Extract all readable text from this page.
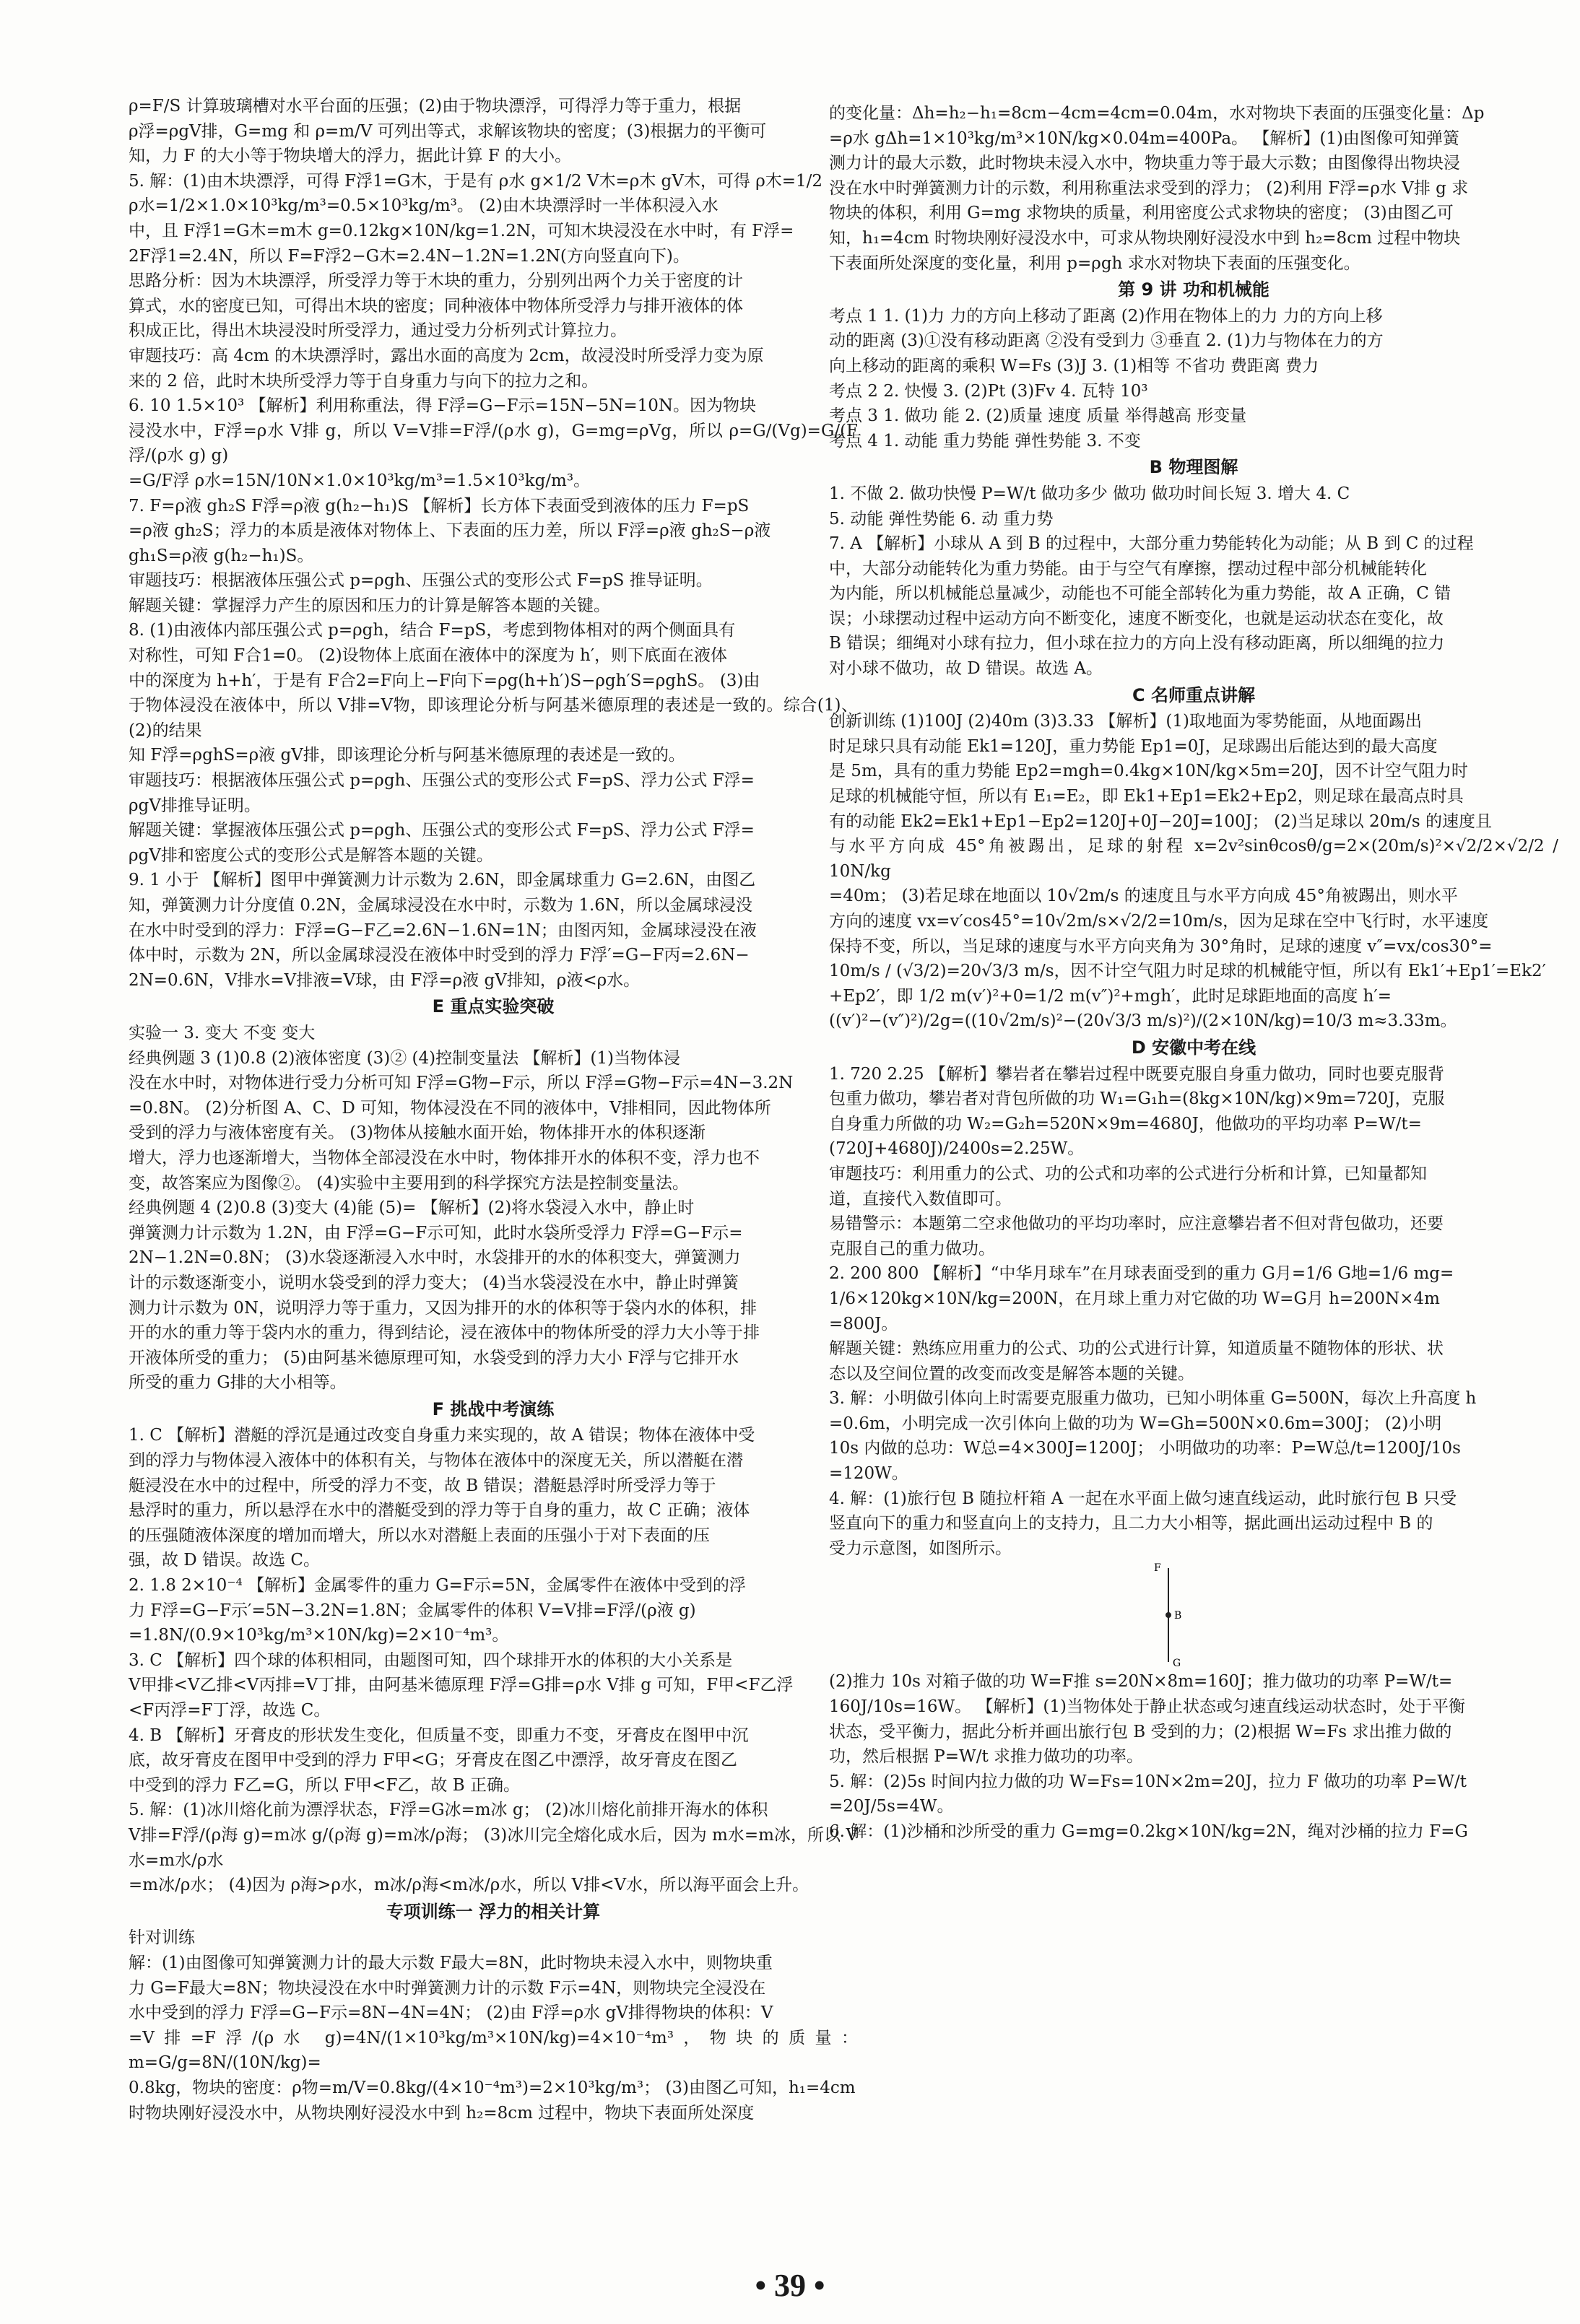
ρ=F/S 计算玻璃槽对水平台面的压强；(2)由于物块漂浮，可得浮力等于重力，根据

ρ浮=ρgV排，G=mg 和 ρ=m/V 可列出等式，求解该物块的密度；(3)根据力的平衡可

知，力 F 的大小等于物块增大的浮力，据此计算 F 的大小。

5. 解：(1)由木块漂浮，可得 F浮1=G木，于是有 ρ水 g×1/2 V木=ρ木 gV木，可得 ρ木=1/2

ρ水=1/2×1.0×10³kg/m³=0.5×10³kg/m³。 (2)由木块漂浮时一半体积浸入水

中，且 F浮1=G木=m木 g=0.12kg×10N/kg=1.2N，可知木块浸没在水中时，有 F浮=

2F浮1=2.4N，所以 F=F浮2−G木=2.4N−1.2N=1.2N(方向竖直向下)。

思路分析：因为木块漂浮，所受浮力等于木块的重力，分别列出两个力关于密度的计

算式，水的密度已知，可得出木块的密度；同种液体中物体所受浮力与排开液体的体

积成正比，得出木块浸没时所受浮力，通过受力分析列式计算拉力。

审题技巧：高 4cm 的木块漂浮时，露出水面的高度为 2cm，故浸没时所受浮力变为原

来的 2 倍，此时木块所受浮力等于自身重力与向下的拉力之和。

6. 10 1.5×10³ 【解析】利用称重法，得 F浮=G−F示=15N−5N=10N。因为物块

浸没水中，F浮=ρ水 V排 g，所以 V=V排=F浮/(ρ水 g)，G=mg=ρVg，所以 ρ=G/(Vg)=G/(F浮/(ρ水 g) g)

=G/F浮 ρ水=15N/10N×1.0×10³kg/m³=1.5×10³kg/m³。

7. F=ρ液 gh₂S F浮=ρ液 g(h₂−h₁)S 【解析】长方体下表面受到液体的压力 F=pS

=ρ液 gh₂S；浮力的本质是液体对物体上、下表面的压力差，所以 F浮=ρ液 gh₂S−ρ液

gh₁S=ρ液 g(h₂−h₁)S。

审题技巧：根据液体压强公式 p=ρgh、压强公式的变形公式 F=pS 推导证明。

解题关键：掌握浮力产生的原因和压力的计算是解答本题的关键。

8. (1)由液体内部压强公式 p=ρgh，结合 F=pS，考虑到物体相对的两个侧面具有

对称性，可知 F合1=0。 (2)设物体上底面在液体中的深度为 h′，则下底面在液体

中的深度为 h+h′，于是有 F合2=F向上−F向下=ρg(h+h′)S−ρgh′S=ρghS。 (3)由

于物体浸没在液体中，所以 V排=V物，即该理论分析与阿基米德原理的表述是一致的。综合(1)、(2)的结果

知 F浮=ρghS=ρ液 gV排，即该理论分析与阿基米德原理的表述是一致的。

审题技巧：根据液体压强公式 p=ρgh、压强公式的变形公式 F=pS、浮力公式 F浮=

ρgV排推导证明。

解题关键：掌握液体压强公式 p=ρgh、压强公式的变形公式 F=pS、浮力公式 F浮=

ρgV排和密度公式的变形公式是解答本题的关键。

9. 1 小于 【解析】图甲中弹簧测力计示数为 2.6N，即金属球重力 G=2.6N，由图乙

知，弹簧测力计分度值 0.2N，金属球浸没在水中时，示数为 1.6N，所以金属球浸没

在水中时受到的浮力：F浮=G−F乙=2.6N−1.6N=1N；由图丙知，金属球浸没在液

体中时，示数为 2N，所以金属球浸没在液体中时受到的浮力 F浮′=G−F丙=2.6N−

2N=0.6N，V排水=V排液=V球，由 F浮=ρ液 gV排知，ρ液<ρ水。

E 重点实验突破

实验一 3. 变大 不变 变大

经典例题 3 (1)0.8 (2)液体密度 (3)② (4)控制变量法 【解析】(1)当物体浸

没在水中时，对物体进行受力分析可知 F浮=G物−F示，所以 F浮=G物−F示=4N−3.2N

=0.8N。 (2)分析图 A、C、D 可知，物体浸没在不同的液体中，V排相同，因此物体所

受到的浮力与液体密度有关。 (3)物体从接触水面开始，物体排开水的体积逐渐

增大，浮力也逐渐增大，当物体全部浸没在水中时，物体排开水的体积不变，浮力也不

变，故答案应为图像②。 (4)实验中主要用到的科学探究方法是控制变量法。

经典例题 4 (2)0.8 (3)变大 (4)能 (5)= 【解析】(2)将水袋浸入水中，静止时

弹簧测力计示数为 1.2N，由 F浮=G−F示可知，此时水袋所受浮力 F浮=G−F示=

2N−1.2N=0.8N； (3)水袋逐渐浸入水中时，水袋排开的水的体积变大，弹簧测力

计的示数逐渐变小，说明水袋受到的浮力变大； (4)当水袋浸没在水中，静止时弹簧

测力计示数为 0N，说明浮力等于重力，又因为排开的水的体积等于袋内水的体积，排

开的水的重力等于袋内水的重力，得到结论，浸在液体中的物体所受的浮力大小等于排

开液体所受的重力； (5)由阿基米德原理可知，水袋受到的浮力大小 F浮与它排开水

所受的重力 G排的大小相等。

F 挑战中考演练

1. C 【解析】潜艇的浮沉是通过改变自身重力来实现的，故 A 错误；物体在液体中受

到的浮力与物体浸入液体中的体积有关，与物体在液体中的深度无关，所以潜艇在潜

艇浸没在水中的过程中，所受的浮力不变，故 B 错误；潜艇悬浮时所受浮力等于

悬浮时的重力，所以悬浮在水中的潜艇受到的浮力等于自身的重力，故 C 正确；液体

的压强随液体深度的增加而增大，所以水对潜艇上表面的压强小于对下表面的压

强，故 D 错误。故选 C。

2. 1.8 2×10⁻⁴ 【解析】金属零件的重力 G=F示=5N，金属零件在液体中受到的浮

力 F浮=G−F示′=5N−3.2N=1.8N；金属零件的体积 V=V排=F浮/(ρ液 g)

=1.8N/(0.9×10³kg/m³×10N/kg)=2×10⁻⁴m³。

3. C 【解析】四个球的体积相同，由题图可知，四个球排开水的体积的大小关系是

V甲排<V乙排<V丙排=V丁排，由阿基米德原理 F浮=G排=ρ水 V排 g 可知，F甲<F乙浮

<F丙浮=F丁浮，故选 C。

4. B 【解析】牙膏皮的形状发生变化，但质量不变，即重力不变，牙膏皮在图甲中沉

底，故牙膏皮在图甲中受到的浮力 F甲<G；牙膏皮在图乙中漂浮，故牙膏皮在图乙

中受到的浮力 F乙=G，所以 F甲<F乙，故 B 正确。

5. 解：(1)冰川熔化前为漂浮状态，F浮=G冰=m冰 g； (2)冰川熔化前排开海水的体积

V排=F浮/(ρ海 g)=m冰 g/(ρ海 g)=m冰/ρ海； (3)冰川完全熔化成水后，因为 m水=m冰，所以 V水=m水/ρ水

=m冰/ρ水； (4)因为 ρ海>ρ水，m冰/ρ海<m冰/ρ水，所以 V排<V水，所以海平面会上升。

专项训练一 浮力的相关计算

针对训练

解：(1)由图像可知弹簧测力计的最大示数 F最大=8N，此时物块未浸入水中，则物块重

力 G=F最大=8N；物块浸没在水中时弹簧测力计的示数 F示=4N，则物块完全浸没在

水中受到的浮力 F浮=G−F示=8N−4N=4N； (2)由 F浮=ρ水 gV排得物块的体积：V

=V排=F浮/(ρ水 g)=4N/(1×10³kg/m³×10N/kg)=4×10⁻⁴m³，物块的质量：m=G/g=8N/(10N/kg)=

0.8kg，物块的密度：ρ物=m/V=0.8kg/(4×10⁻⁴m³)=2×10³kg/m³； (3)由图乙可知，h₁=4cm

时物块刚好浸没水中，从物块刚好浸没水中到 h₂=8cm 过程中，物块下表面所处深度

的变化量：Δh=h₂−h₁=8cm−4cm=4cm=0.04m，水对物块下表面的压强变化量：Δp

=ρ水 gΔh=1×10³kg/m³×10N/kg×0.04m=400Pa。 【解析】(1)由图像可知弹簧

测力计的最大示数，此时物块未浸入水中，物块重力等于最大示数；由图像得出物块浸

没在水中时弹簧测力计的示数，利用称重法求受到的浮力； (2)利用 F浮=ρ水 V排 g 求

物块的体积，利用 G=mg 求物块的质量，利用密度公式求物块的密度； (3)由图乙可

知，h₁=4cm 时物块刚好浸没水中，可求从物块刚好浸没水中到 h₂=8cm 过程中物块

下表面所处深度的变化量，利用 p=ρgh 求水对物块下表面的压强变化。

第 9 讲 功和机械能

考点 1 1. (1)力 力的方向上移动了距离 (2)作用在物体上的力 力的方向上移

动的距离 (3)①没有移动距离 ②没有受到力 ③垂直 2. (1)力与物体在力的方

向上移动的距离的乘积 W=Fs (3)J 3. (1)相等 不省功 费距离 费力

考点 2 2. 快慢 3. (2)Pt (3)Fv 4. 瓦特 10³

考点 3 1. 做功 能 2. (2)质量 速度 质量 举得越高 形变量

考点 4 1. 动能 重力势能 弹性势能 3. 不变

B 物理图解

1. 不做 2. 做功快慢 P=W/t 做功多少 做功 做功时间长短 3. 增大 4. C

5. 动能 弹性势能 6. 动 重力势

7. A 【解析】小球从 A 到 B 的过程中，大部分重力势能转化为动能；从 B 到 C 的过程

中，大部分动能转化为重力势能。由于与空气有摩擦，摆动过程中部分机械能转化

为内能，所以机械能总量减少，动能也不可能全部转化为重力势能，故 A 正确，C 错

误；小球摆动过程中运动方向不断变化，速度不断变化，也就是运动状态在变化，故

B 错误；细绳对小球有拉力，但小球在拉力的方向上没有移动距离，所以细绳的拉力

对小球不做功，故 D 错误。故选 A。

C 名师重点讲解

创新训练 (1)100J (2)40m (3)3.33 【解析】(1)取地面为零势能面，从地面踢出

时足球只具有动能 Ek1=120J，重力势能 Ep1=0J，足球踢出后能达到的最大高度

是 5m，具有的重力势能 Ep2=mgh=0.4kg×10N/kg×5m=20J，因不计空气阻力时

足球的机械能守恒，所以有 E₁=E₂，即 Ek1+Ep1=Ek2+Ep2，则足球在最高点时具

有的动能 Ek2=Ek1+Ep1−Ep2=120J+0J−20J=100J； (2)当足球以 20m/s 的速度且

与水平方向成 45°角被踢出，足球的射程 x=2v²sinθcosθ/g=2×(20m/s)²×√2/2×√2/2 / 10N/kg

=40m； (3)若足球在地面以 10√2m/s 的速度且与水平方向成 45°角被踢出，则水平

方向的速度 vx=v′cos45°=10√2m/s×√2/2=10m/s，因为足球在空中飞行时，水平速度

保持不变，所以，当足球的速度与水平方向夹角为 30°角时，足球的速度 v″=vx/cos30°=

10m/s / (√3/2)=20√3/3 m/s，因不计空气阻力时足球的机械能守恒，所以有 Ek1′+Ep1′=Ek2′

+Ep2′，即 1/2 m(v′)²+0=1/2 m(v″)²+mgh′，此时足球距地面的高度 h′=

((v′)²−(v″)²)/2g=((10√2m/s)²−(20√3/3 m/s)²)/(2×10N/kg)=10/3 m≈3.33m。

D 安徽中考在线

1. 720 2.25 【解析】攀岩者在攀岩过程中既要克服自身重力做功，同时也要克服背

包重力做功，攀岩者对背包所做的功 W₁=G₁h=(8kg×10N/kg)×9m=720J，克服

自身重力所做的功 W₂=G₂h=520N×9m=4680J，他做功的平均功率 P=W/t=

(720J+4680J)/2400s=2.25W。

审题技巧：利用重力的公式、功的公式和功率的公式进行分析和计算，已知量都知

道，直接代入数值即可。

易错警示：本题第二空求他做功的平均功率时，应注意攀岩者不但对背包做功，还要

克服自己的重力做功。

2. 200 800 【解析】“中华月球车”在月球表面受到的重力 G月=1/6 G地=1/6 mg=

1/6×120kg×10N/kg=200N，在月球上重力对它做的功 W=G月 h=200N×4m

=800J。

解题关键：熟练应用重力的公式、功的公式进行计算，知道质量不随物体的形状、状

态以及空间位置的改变而改变是解答本题的关键。

3. 解：小明做引体向上时需要克服重力做功，已知小明体重 G=500N，每次上升高度 h

=0.6m，小明完成一次引体向上做的功为 W=Gh=500N×0.6m=300J； (2)小明

10s 内做的总功：W总=4×300J=1200J； 小明做功的功率：P=W总/t=1200J/10s

=120W。

4. 解：(1)旅行包 B 随拉杆箱 A 一起在水平面上做匀速直线运动，此时旅行包 B 只受

竖直向下的重力和竖直向上的支持力，且二力大小相等，据此画出运动过程中 B 的

受力示意图，如图所示。

F
B
G

(2)推力 10s 对箱子做的功 W=F推 s=20N×8m=160J；推力做功的功率 P=W/t=

160J/10s=16W。 【解析】(1)当物体处于静止状态或匀速直线运动状态时，处于平衡

状态，受平衡力，据此分析并画出旅行包 B 受到的力；(2)根据 W=Fs 求出推力做的

功，然后根据 P=W/t 求推力做功的功率。

5. 解：(2)5s 时间内拉力做的功 W=Fs=10N×2m=20J，拉力 F 做功的功率 P=W/t

=20J/5s=4W。

6. 解：(1)沙桶和沙所受的重力 G=mg=0.2kg×10N/kg=2N，绳对沙桶的拉力 F=G

• 39 •
